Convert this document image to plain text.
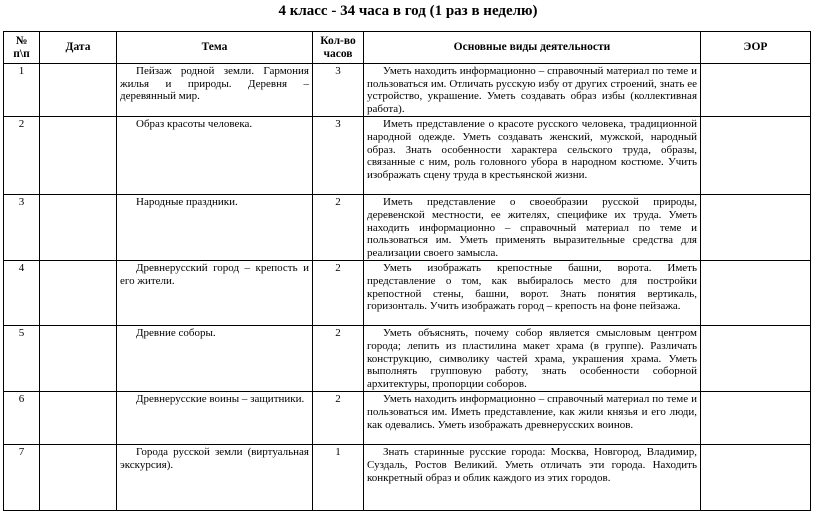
4 класс - 34 часа в год (1 раз в неделю)
№ п\п	Дата	Тема	Кол-во часов	Основные виды деятельности	ЭОР
1		Пейзаж родной земли. Гармония жилья и природы. Деревня – деревянный мир.	3	Уметь находить информационно – справочный материал по теме и пользоваться им. Отличать русскую избу от других строений, знать ее устройство, украшение. Уметь создавать образ избы (коллективная работа).	
2		Образ красоты человека.	3	Иметь представление о красоте русского человека, традиционной народной одежде. Уметь создавать женский, мужской, народный образ. Знать особенности характера сельского труда, образы, связанные с ним, роль головного убора в народном костюме. Учить изображать сцену труда в крестьянской жизни.	
3		Народные праздники.	2	Иметь представление о своеобразии русской природы, деревенской местности, ее жителях, специфике их труда. Уметь находить информационно – справочный материал по теме и пользоваться им. Уметь применять выразительные средства для реализации своего замысла.	
4		Древнерусский город – крепость и его жители.	2	Уметь изображать крепостные башни, ворота. Иметь представление о том, как выбиралось место для постройки крепостной стены, башни, ворот. Знать понятия вертикаль, горизонталь. Учить изображать город – крепость на фоне пейзажа.	
5		Древние соборы.	2	Уметь объяснять, почему собор является смысловым центром города; лепить из пластилина макет храма (в группе). Различать конструкцию, символику частей храма, украшения храма. Уметь выполнять групповую работу, знать особенности соборной архитектуры, пропорции соборов.	
6		Древнерусские воины – защитники.	2	Уметь находить информационно – справочный материал по теме и пользоваться им. Иметь представление, как жили князья и его люди, как одевались. Уметь изображать древнерусских воинов.	
7		Города русской земли (виртуальная экскурсия).	1	Знать старинные русские города: Москва, Новгород, Владимир, Суздаль, Ростов Великий. Уметь отличать эти города. Находить конкретный образ и облик каждого из этих городов.	
